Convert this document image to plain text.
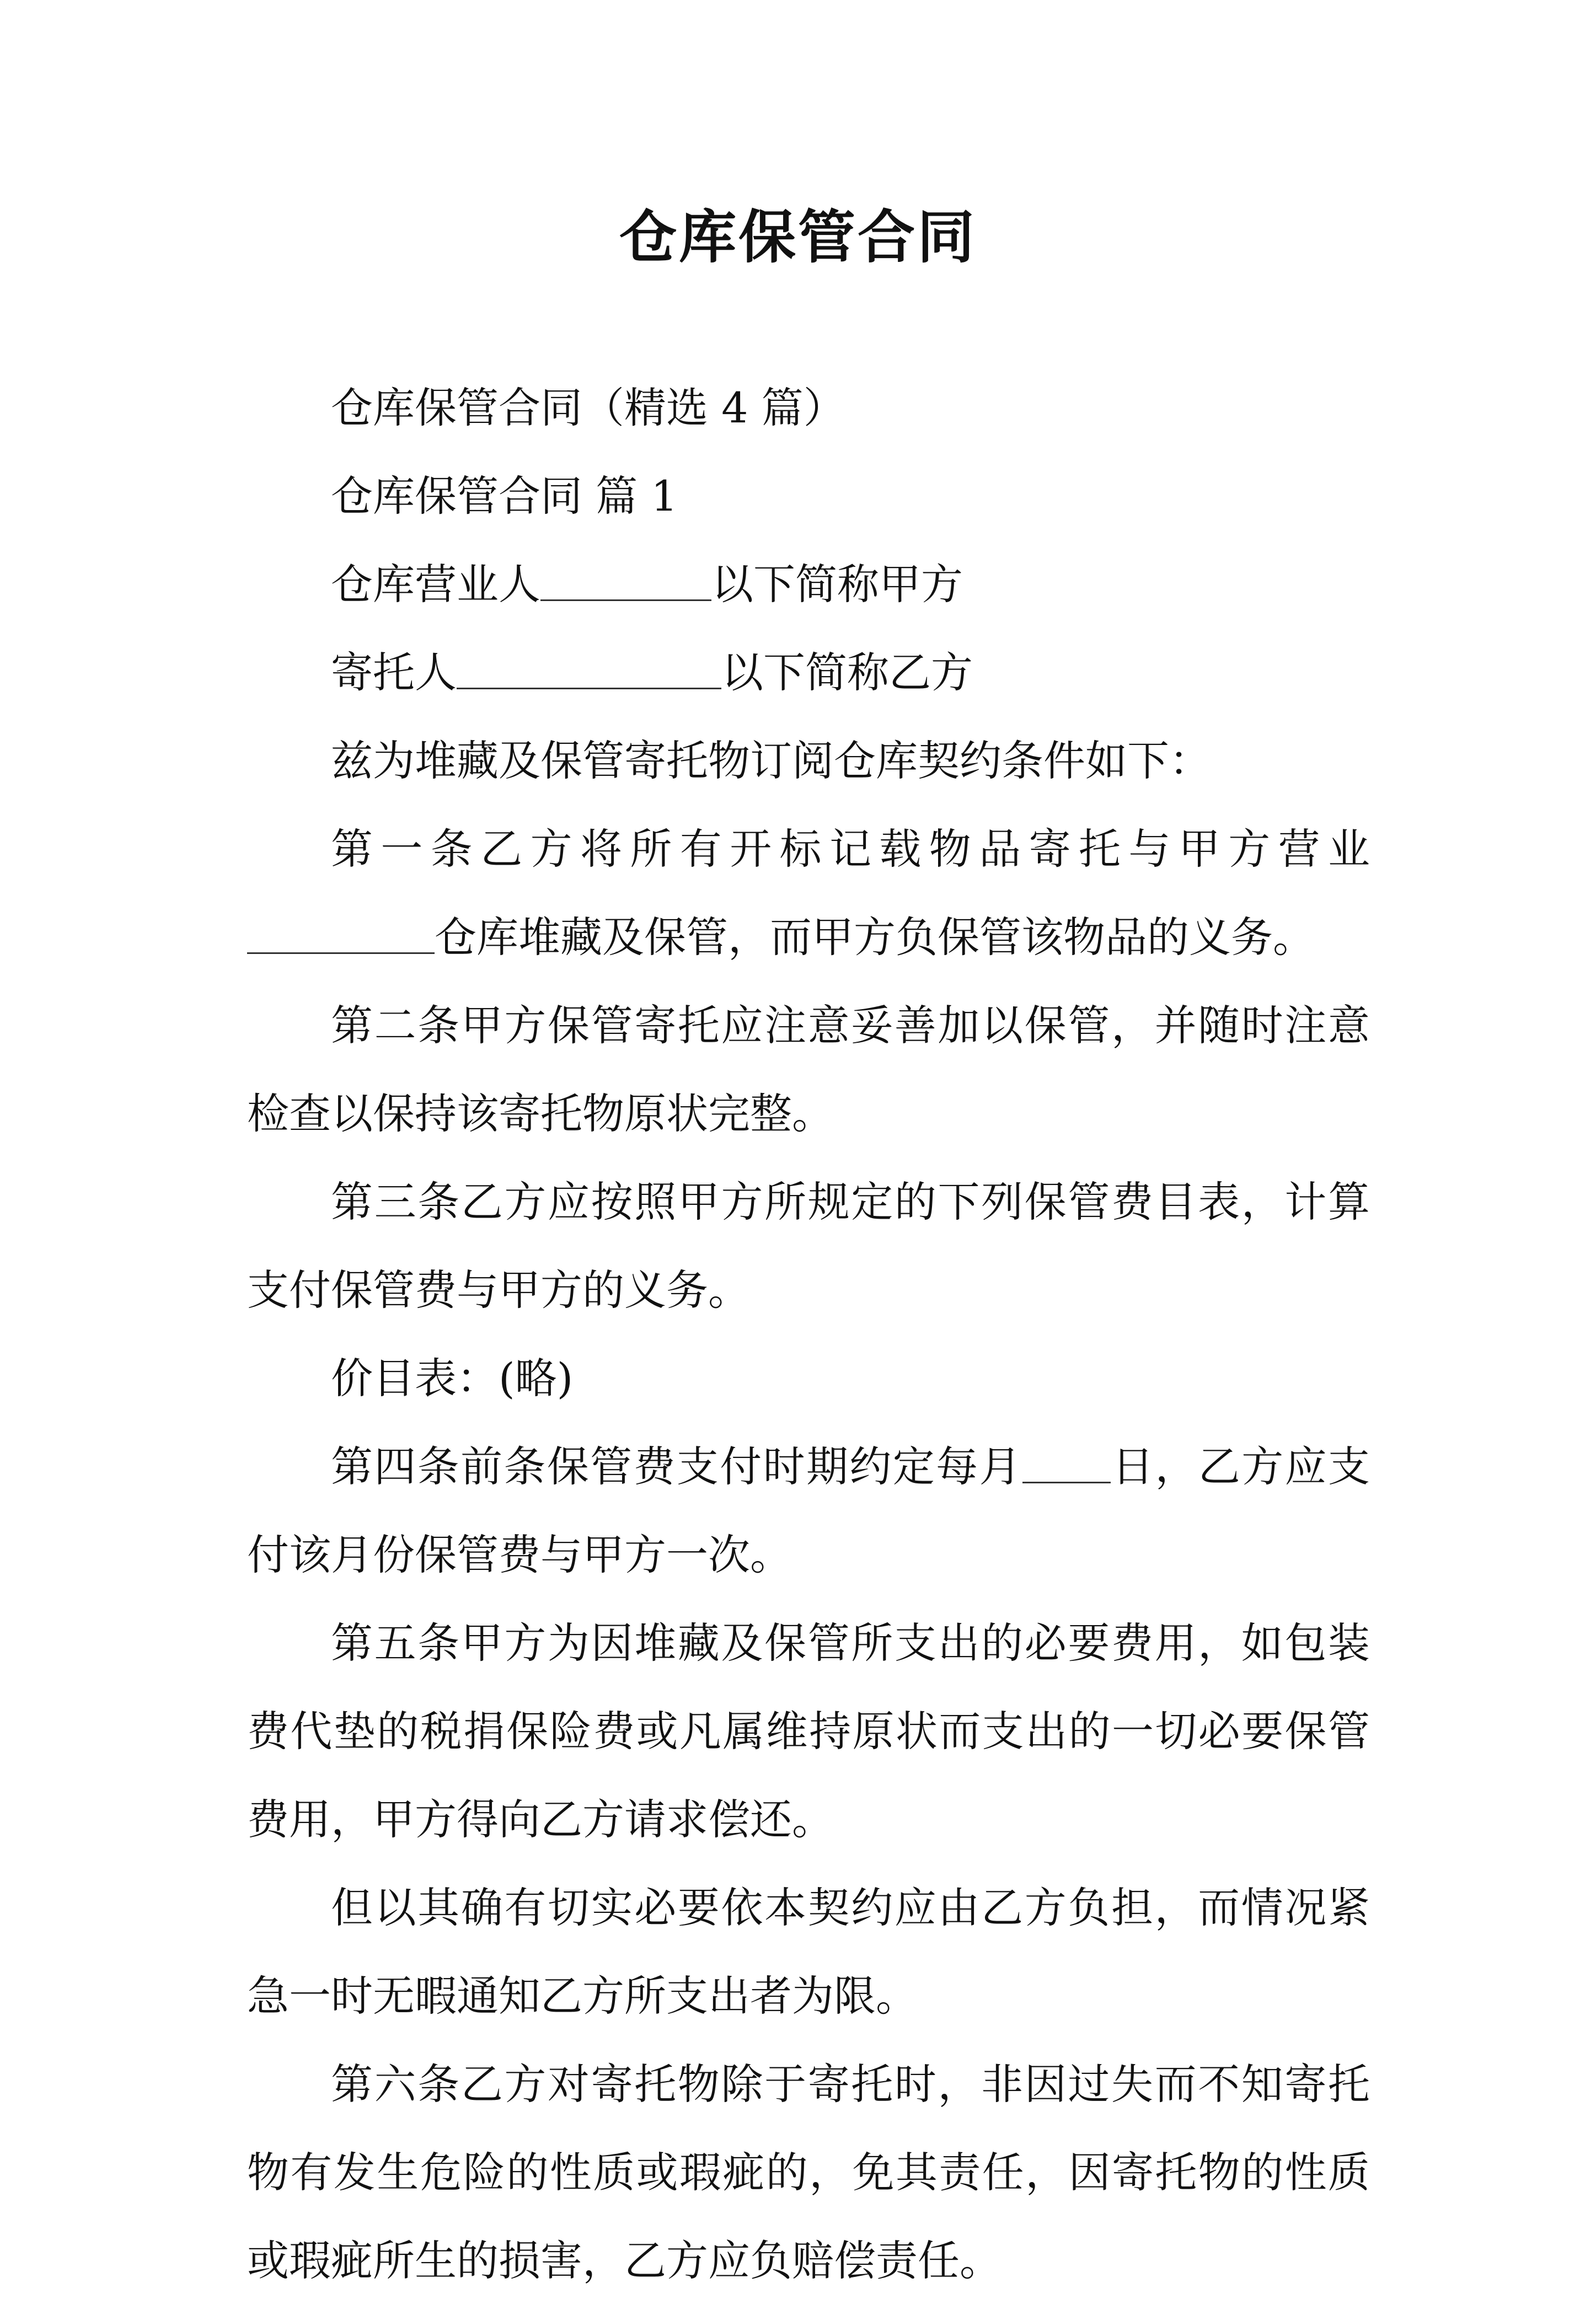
仓库保管合同

仓库保管合同（精选 4 篇）

仓库保管合同 篇 1

仓库营业人	以下简称甲方

寄托人	以下简称乙方

兹为堆藏及保管寄托物订阅仓库契约条件如下：

第一条乙方将所有开标记载物品寄托与甲方营业 仓库堆藏及保管，而甲方负保管该物品的义务。

第二条甲方保管寄托应注意妥善加以保管，并随时注意检查以保持该寄托物原状完整。

第三条乙方应按照甲方所规定的下列保管费目表，计算支付保管费与甲方的义务。

价目表：(略)

第四条前条保管费支付时期约定每月 日，乙方应支付该月份保管费与甲方一次。

第五条甲方为因堆藏及保管所支出的必要费用，如包装费代垫的税捐保险费或凡属维持原状而支出的一切必要保管费用，甲方得向乙方请求偿还。

但以其确有切实必要依本契约应由乙方负担，而情况紧急一时无暇通知乙方所支出者为限。

第六条乙方对寄托物除于寄托时，非因过失而不知寄托物有发生危险的性质或瑕疵的，免其责任，因寄托物的性质或瑕疵所生的损害，乙方应负赔偿责任。
